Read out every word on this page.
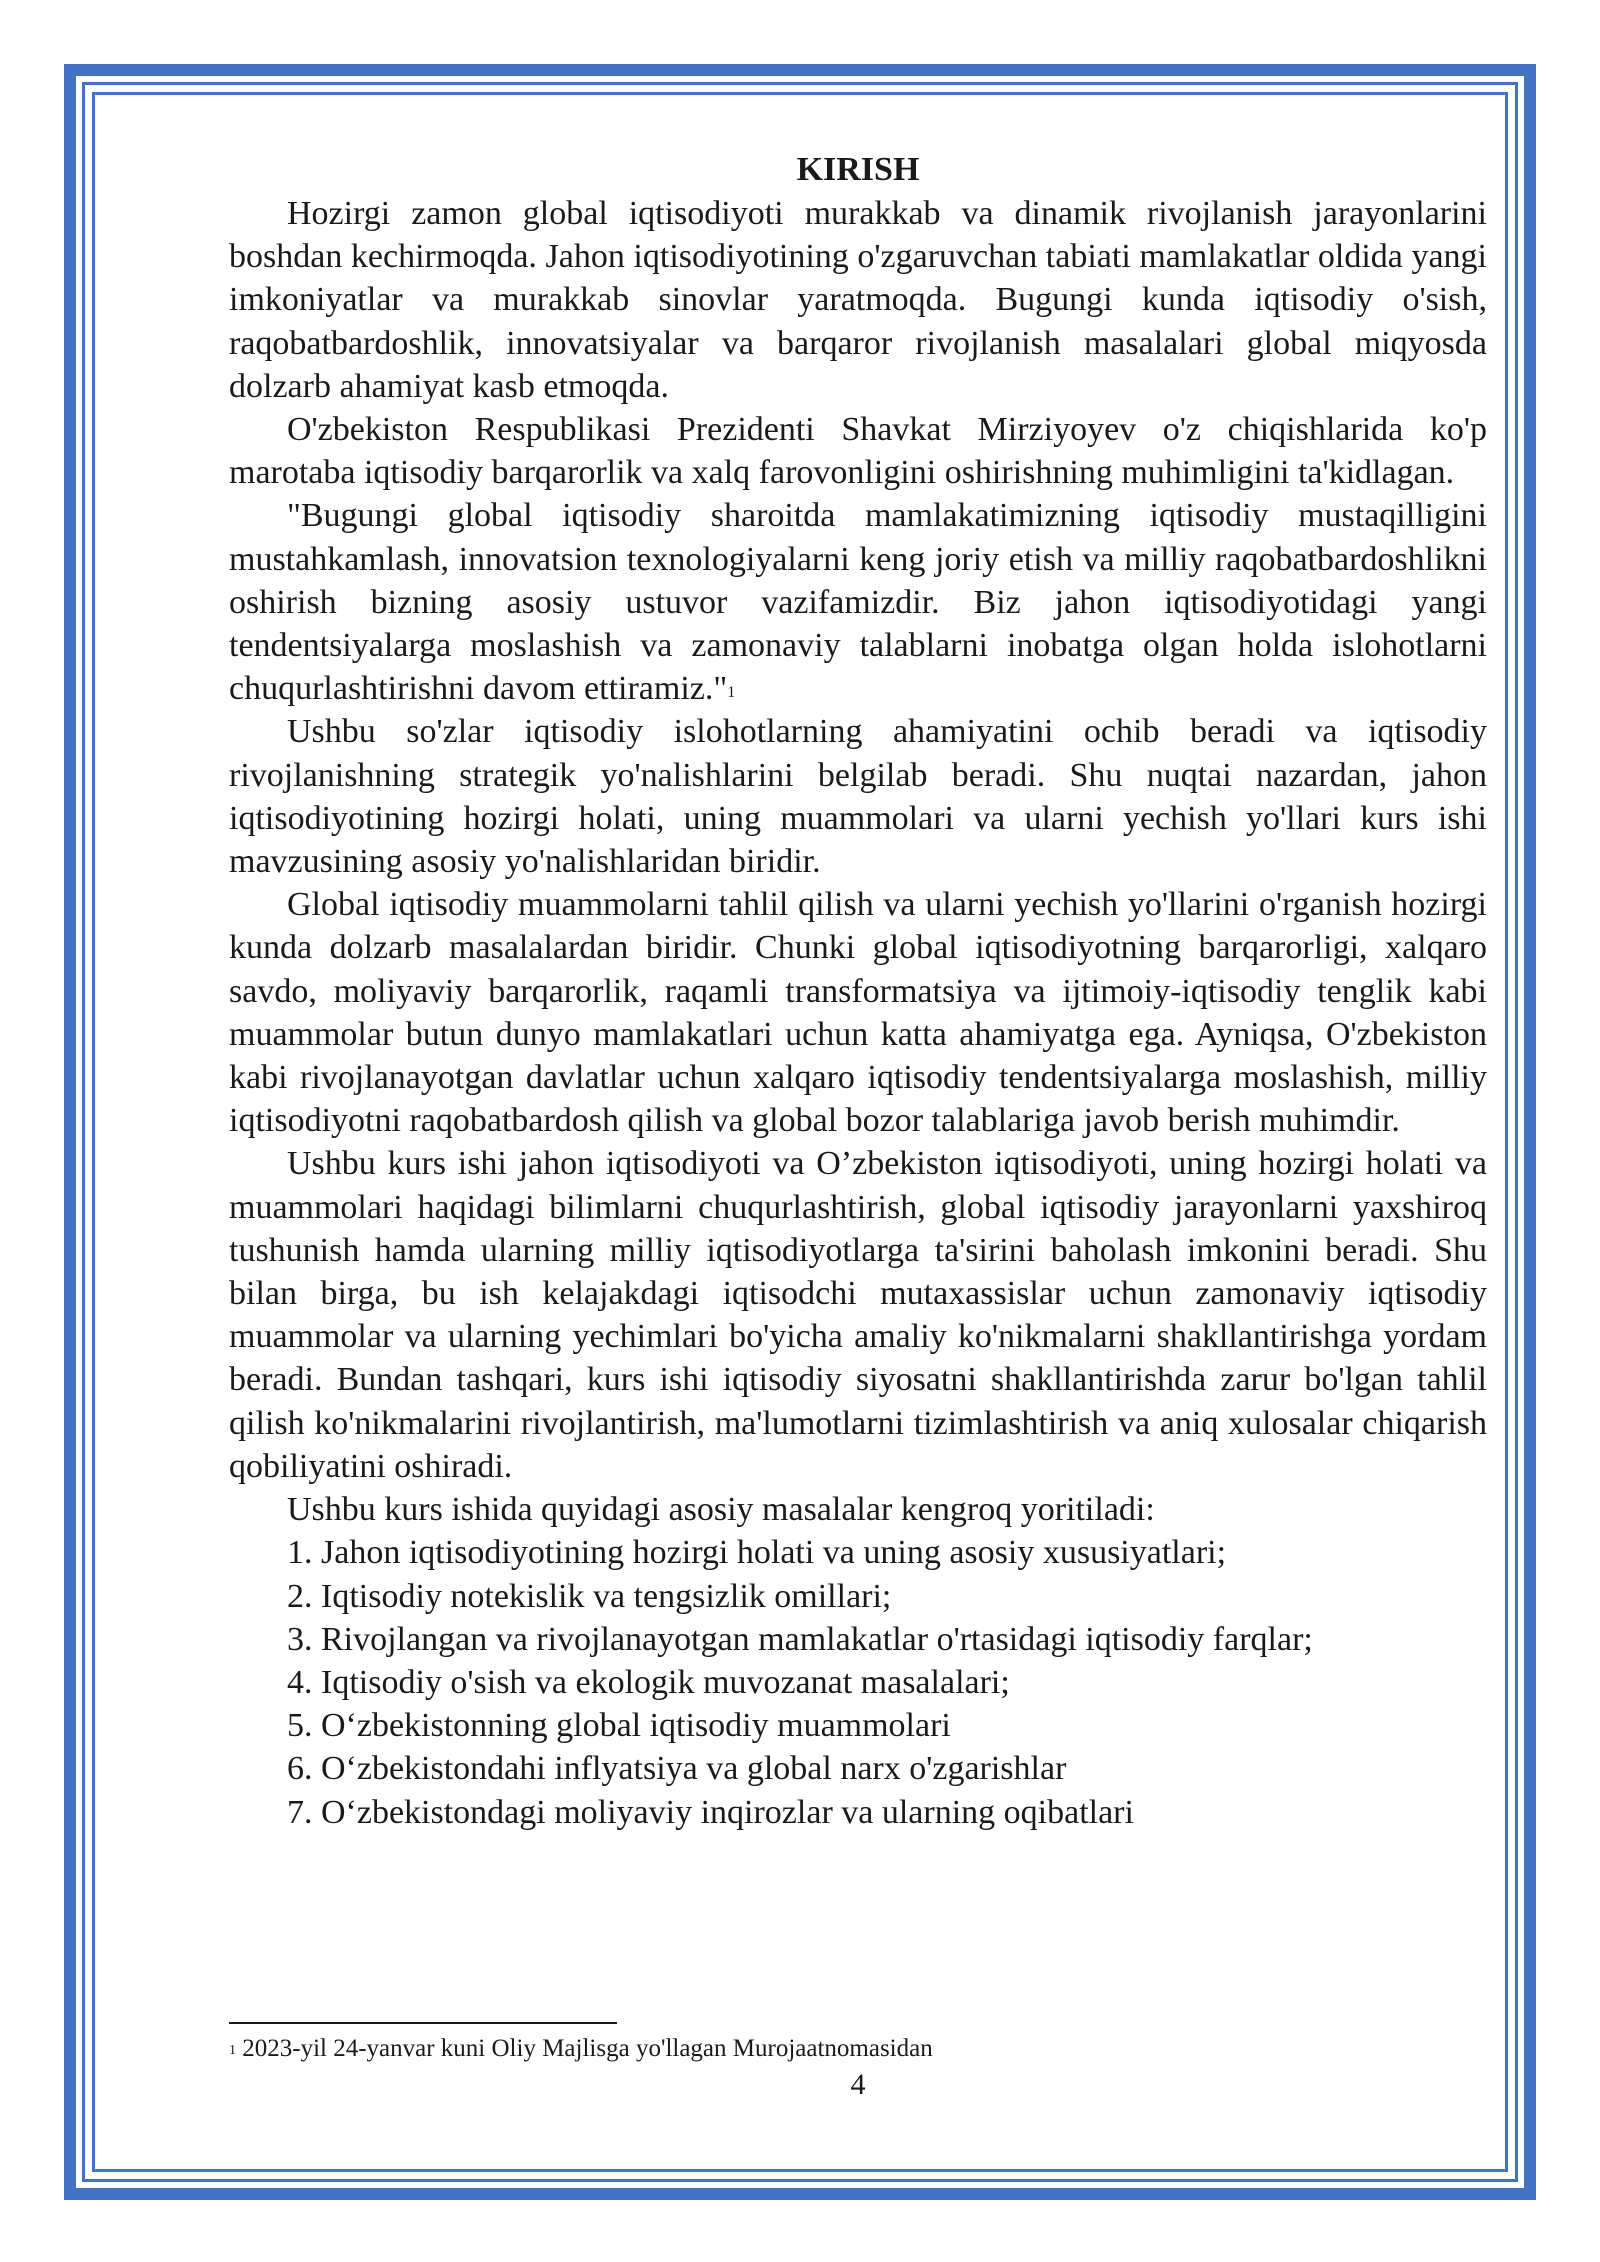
KIRISH

Hozirgi zamon global iqtisodiyoti murakkab va dinamik rivojlanish jarayonlarini boshdan kechirmoqda. Jahon iqtisodiyotining o'zgaruvchan tabiati mamlakatlar oldida yangi imkoniyatlar va murakkab sinovlar yaratmoqda. Bugungi kunda iqtisodiy o'sish, raqobatbardoshlik, innovatsiyalar va barqaror rivojlanish masalalari global miqyosda dolzarb ahamiyat kasb etmoqda.

O'zbekiston Respublikasi Prezidenti Shavkat Mirziyoyev o'z chiqishlarida ko'p marotaba iqtisodiy barqarorlik va xalq farovonligini oshirishning muhimligini ta'kidlagan.

"Bugungi global iqtisodiy sharoitda mamlakatimizning iqtisodiy mustaqilligini mustahkamlash, innovatsion texnologiyalarni keng joriy etish va milliy raqobatbardoshlikni oshirish bizning asosiy ustuvor vazifamizdir. Biz jahon iqtisodiyotidagi yangi tendentsiyalarga moslashish va zamonaviy talablarni inobatga olgan holda islohotlarni chuqurlashtirishni davom ettiramiz."$^1$

Ushbu so'zlar iqtisodiy islohotlarning ahamiyatini ochib beradi va iqtisodiy rivojlanishning strategik yo'nalishlarini belgilab beradi. Shu nuqtai nazardan, jahon iqtisodiyotining hozirgi holati, uning muammolari va ularni yechish yo'llari kurs ishi mavzusining asosiy yo'nalishlaridan biridir.

Global iqtisodiy muammolarni tahlil qilish va ularni yechish yo'llarini o'rganish hozirgi kunda dolzarb masalalardan biridir. Chunki global iqtisodiyotning barqarorligi, xalqaro savdo, moliyaviy barqarorlik, raqamli transformatsiya va ijtimoiy-iqtisodiy tenglik kabi muammolar butun dunyo mamlakatlari uchun katta ahamiyatga ega. Ayniqsa, O'zbekiston kabi rivojlanayotgan davlatlar uchun xalqaro iqtisodiy tendentsiyalarga moslashish, milliy iqtisodiyotni raqobatbardosh qilish va global bozor talablariga javob berish muhimdir.

Ushbu kurs ishi jahon iqtisodiyoti va O’zbekiston iqtisodiyoti, uning hozirgi holati va muammolari haqidagi bilimlarni chuqurlashtirish, global iqtisodiy jarayonlarni yaxshiroq tushunish hamda ularning milliy iqtisodiyotlarga ta'sirini baholash imkonini beradi. Shu bilan birga, bu ish kelajakdagi iqtisodchi mutaxassislar uchun zamonaviy iqtisodiy muammolar va ularning yechimlari bo'yicha amaliy ko'nikmalarni shakllantirishga yordam beradi. Bundan tashqari, kurs ishi iqtisodiy siyosatni shakllantirishda zarur bo'lgan tahlil qilish ko'nikmalarini rivojlantirish, ma'lumotlarni tizimlashtirish va aniq xulosalar chiqarish qobiliyatini oshiradi.

Ushbu kurs ishida quyidagi asosiy masalalar kengroq yoritiladi:

1. Jahon iqtisodiyotining hozirgi holati va uning asosiy xususiyatlari;
2. Iqtisodiy notekislik va tengsizlik omillari;
3. Rivojlangan va rivojlanayotgan mamlakatlar o'rtasidagi iqtisodiy farqlar;
4. Iqtisodiy o'sish va ekologik muvozanat masalalari;
5. O‘zbekistonning global iqtisodiy muammolari
6. O‘zbekistondahi inflyatsiya va global narx o'zgarishlar
7. O‘zbekistondagi moliyaviy inqirozlar va ularning oqibatlari
$^1$ 2023-yil 24-yanvar kuni Oliy Majlisga yo'llagan Murojaatnomasidan
4
